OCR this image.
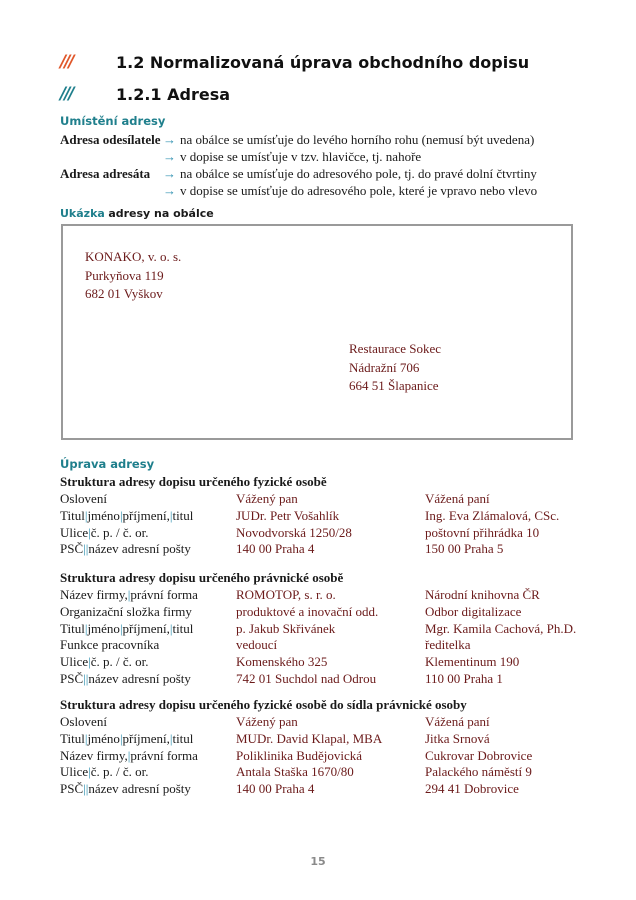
///	1.2 Normalizovaná úprava obchodního dopisu
///	1.2.1 Adresa
Umístění adresy
Adresa odesílatele → na obálce se umísťuje do levého horního rohu (nemusí být uvedena)
→ v dopise se umísťuje v tzv. hlavičce, tj. nahoře
Adresa adresáta → na obálce se umísťuje do adresového pole, tj. do pravé dolní čtvrtiny
→ v dopise se umísťuje do adresového pole, které je vpravo nebo vlevo
Ukázka adresy na obálce
KONAKO, v. o. s.
Purkyňova 119
682 01 Vyškov
Restaurace Sokec
Nádražní 706
664 51 Šlapanice
Úprava adresy
Struktura adresy dopisu určeného fyzické osobě
Oslovení	Vážený pan	Vážená paní
Titul|jméno|příjmení,|titul	JUDr. Petr Vošahlík	Ing. Eva Zlámalová, CSc.
Ulice|č. p. / č. or.	Novodvorská 1250/28	poštovní přihrádka 10
PSČ||název adresní pošty	140 00 Praha 4	150 00 Praha 5
Struktura adresy dopisu určeného právnické osobě
Název firmy,|právní forma	ROMOTOP, s. r. o.	Národní knihovna ČR
Organizační složka firmy	produktové a inovační odd.	Odbor digitalizace
Titul|jméno|příjmení,|titul	p. Jakub Skřivánek	Mgr. Kamila Cachová, Ph.D.
Funkce pracovníka	vedoucí	ředitelka
Ulice|č. p. / č. or.	Komenského 325	Klementinum 190
PSČ||název adresní pošty	742 01 Suchdol nad Odrou	110 00 Praha 1
Struktura adresy dopisu určeného fyzické osobě do sídla právnické osoby
Oslovení	Vážený pan	Vážená paní
Titul|jméno|příjmení,|titul	MUDr. David Klapal, MBA	Jitka Srnová
Název firmy,|právní forma	Poliklinika Budějovická	Cukrovar Dobrovice
Ulice|č. p. / č. or.	Antala Staška 1670/80	Palackého náměstí 9
PSČ||název adresní pošty	140 00 Praha 4	294 41 Dobrovice
15
